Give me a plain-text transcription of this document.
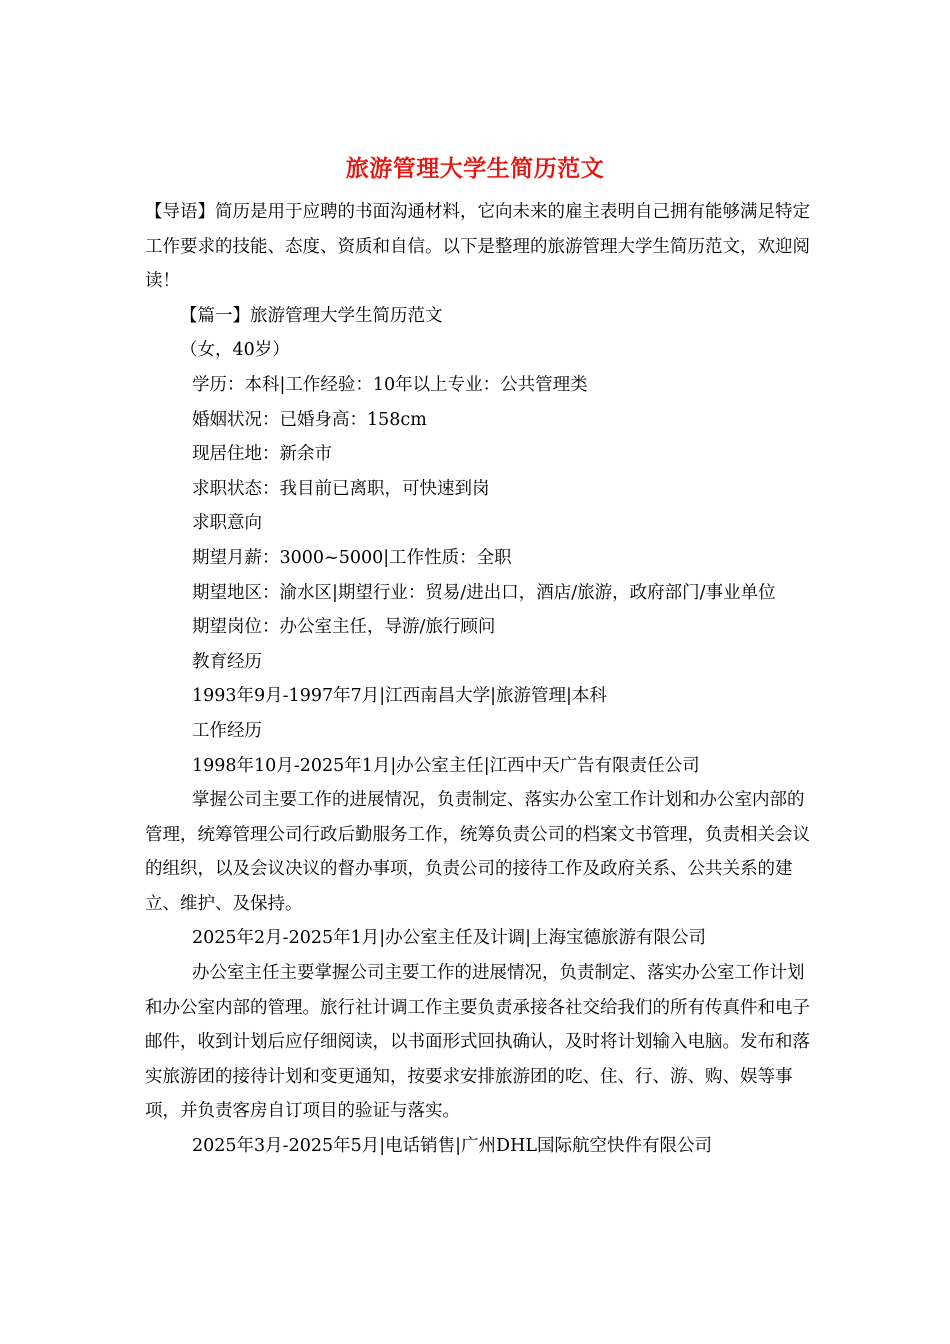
旅游管理大学生简历范文

【导语】简历是用于应聘的书面沟通材料，它向未来的雇主表明自己拥有能够满足特定工作要求的技能、态度、资质和自信。以下是整理的旅游管理大学生简历范文，欢迎阅读！

【篇一】旅游管理大学生简历范文

（女，40岁）

学历：本科|工作经验：10年以上专业：公共管理类

婚姻状况：已婚身高：158cm

现居住地：新余市

求职状态：我目前已离职，可快速到岗

求职意向

期望月薪：3000~5000|工作性质：全职

期望地区：渝水区|期望行业：贸易/进出口，酒店/旅游，政府部门/事业单位

期望岗位：办公室主任，导游/旅行顾问

教育经历

1993年9月-1997年7月|江西南昌大学|旅游管理|本科

工作经历

1998年10月-2025年1月|办公室主任|江西中天广告有限责任公司

掌握公司主要工作的进展情况，负责制定、落实办公室工作计划和办公室内部的管理，统筹管理公司行政后勤服务工作，统筹负责公司的档案文书管理，负责相关会议的组织，以及会议决议的督办事项，负责公司的接待工作及政府关系、公共关系的建立、维护、及保持。

2025年2月-2025年1月|办公室主任及计调|上海宝德旅游有限公司

办公室主任主要掌握公司主要工作的进展情况，负责制定、落实办公室工作计划和办公室内部的管理。旅行社计调工作主要负责承接各社交给我们的所有传真件和电子邮件，收到计划后应仔细阅读，以书面形式回执确认，及时将计划输入电脑。发布和落实旅游团的接待计划和变更通知，按要求安排旅游团的吃、住、行、游、购、娱等事项，并负责客房自订项目的验证与落实。

2025年3月-2025年5月|电话销售|广州DHL国际航空快件有限公司
